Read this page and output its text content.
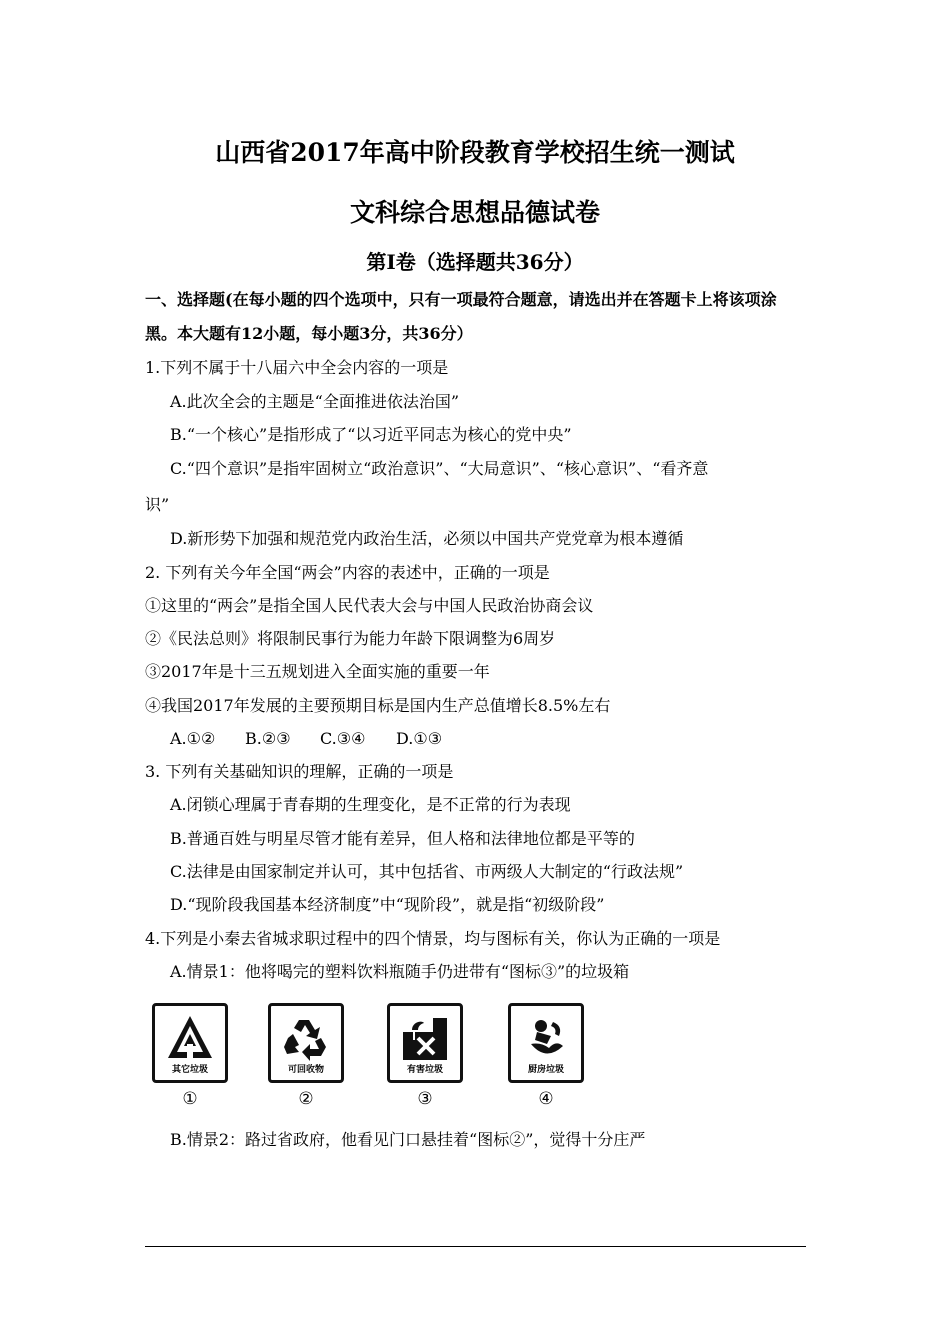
山西省2017年高中阶段教育学校招生统一测试
文科综合思想品德试卷
第Ⅰ卷（选择题共36分）
一、选择题(在每小题的四个选项中，只有一项最符合题意，请选出并在答题卡上将该项涂
黑。本大题有12小题，每小题3分，共36分）
1.下列不属于十八届六中全会内容的一项是
A.此次全会的主题是“全面推进依法治国”
B.“一个核心”是指形成了“以习近平同志为核心的党中央”
C.“四个意识”是指牢固树立“政治意识”、“大局意识”、“核心意识”、“看齐意
识”
D.新形势下加强和规范党内政治生活，必须以中国共产党党章为根本遵循
2. 下列有关今年全国“两会”内容的表述中，正确的一项是
①这里的“两会”是指全国人民代表大会与中国人民政治协商会议
②《民法总则》将限制民事行为能力年龄下限调整为6周岁
③2017年是十三五规划进入全面实施的重要一年
④我国2017年发展的主要预期目标是国内生产总值增长8.5%左右
A.①② B.②③ C.③④ D.①③
3. 下列有关基础知识的理解，正确的一项是
A.闭锁心理属于青春期的生理变化，是不正常的行为表现
B.普通百姓与明星尽管才能有差异，但人格和法律地位都是平等的
C.法律是由国家制定并认可，其中包括省、市两级人大制定的“行政法规”
D.“现阶段我国基本经济制度”中“现阶段”，就是指“初级阶段”
4.下列是小秦去省城求职过程中的四个情景，均与图标有关，你认为正确的一项是
A.情景1：他将喝完的塑料饮料瓶随手仍进带有“图标③”的垃圾箱
其它垃圾	可回收物	有害垃圾	厨房垃圾
①	②	③	④
B.情景2：路过省政府，他看见门口悬挂着“图标②”，觉得十分庄严
